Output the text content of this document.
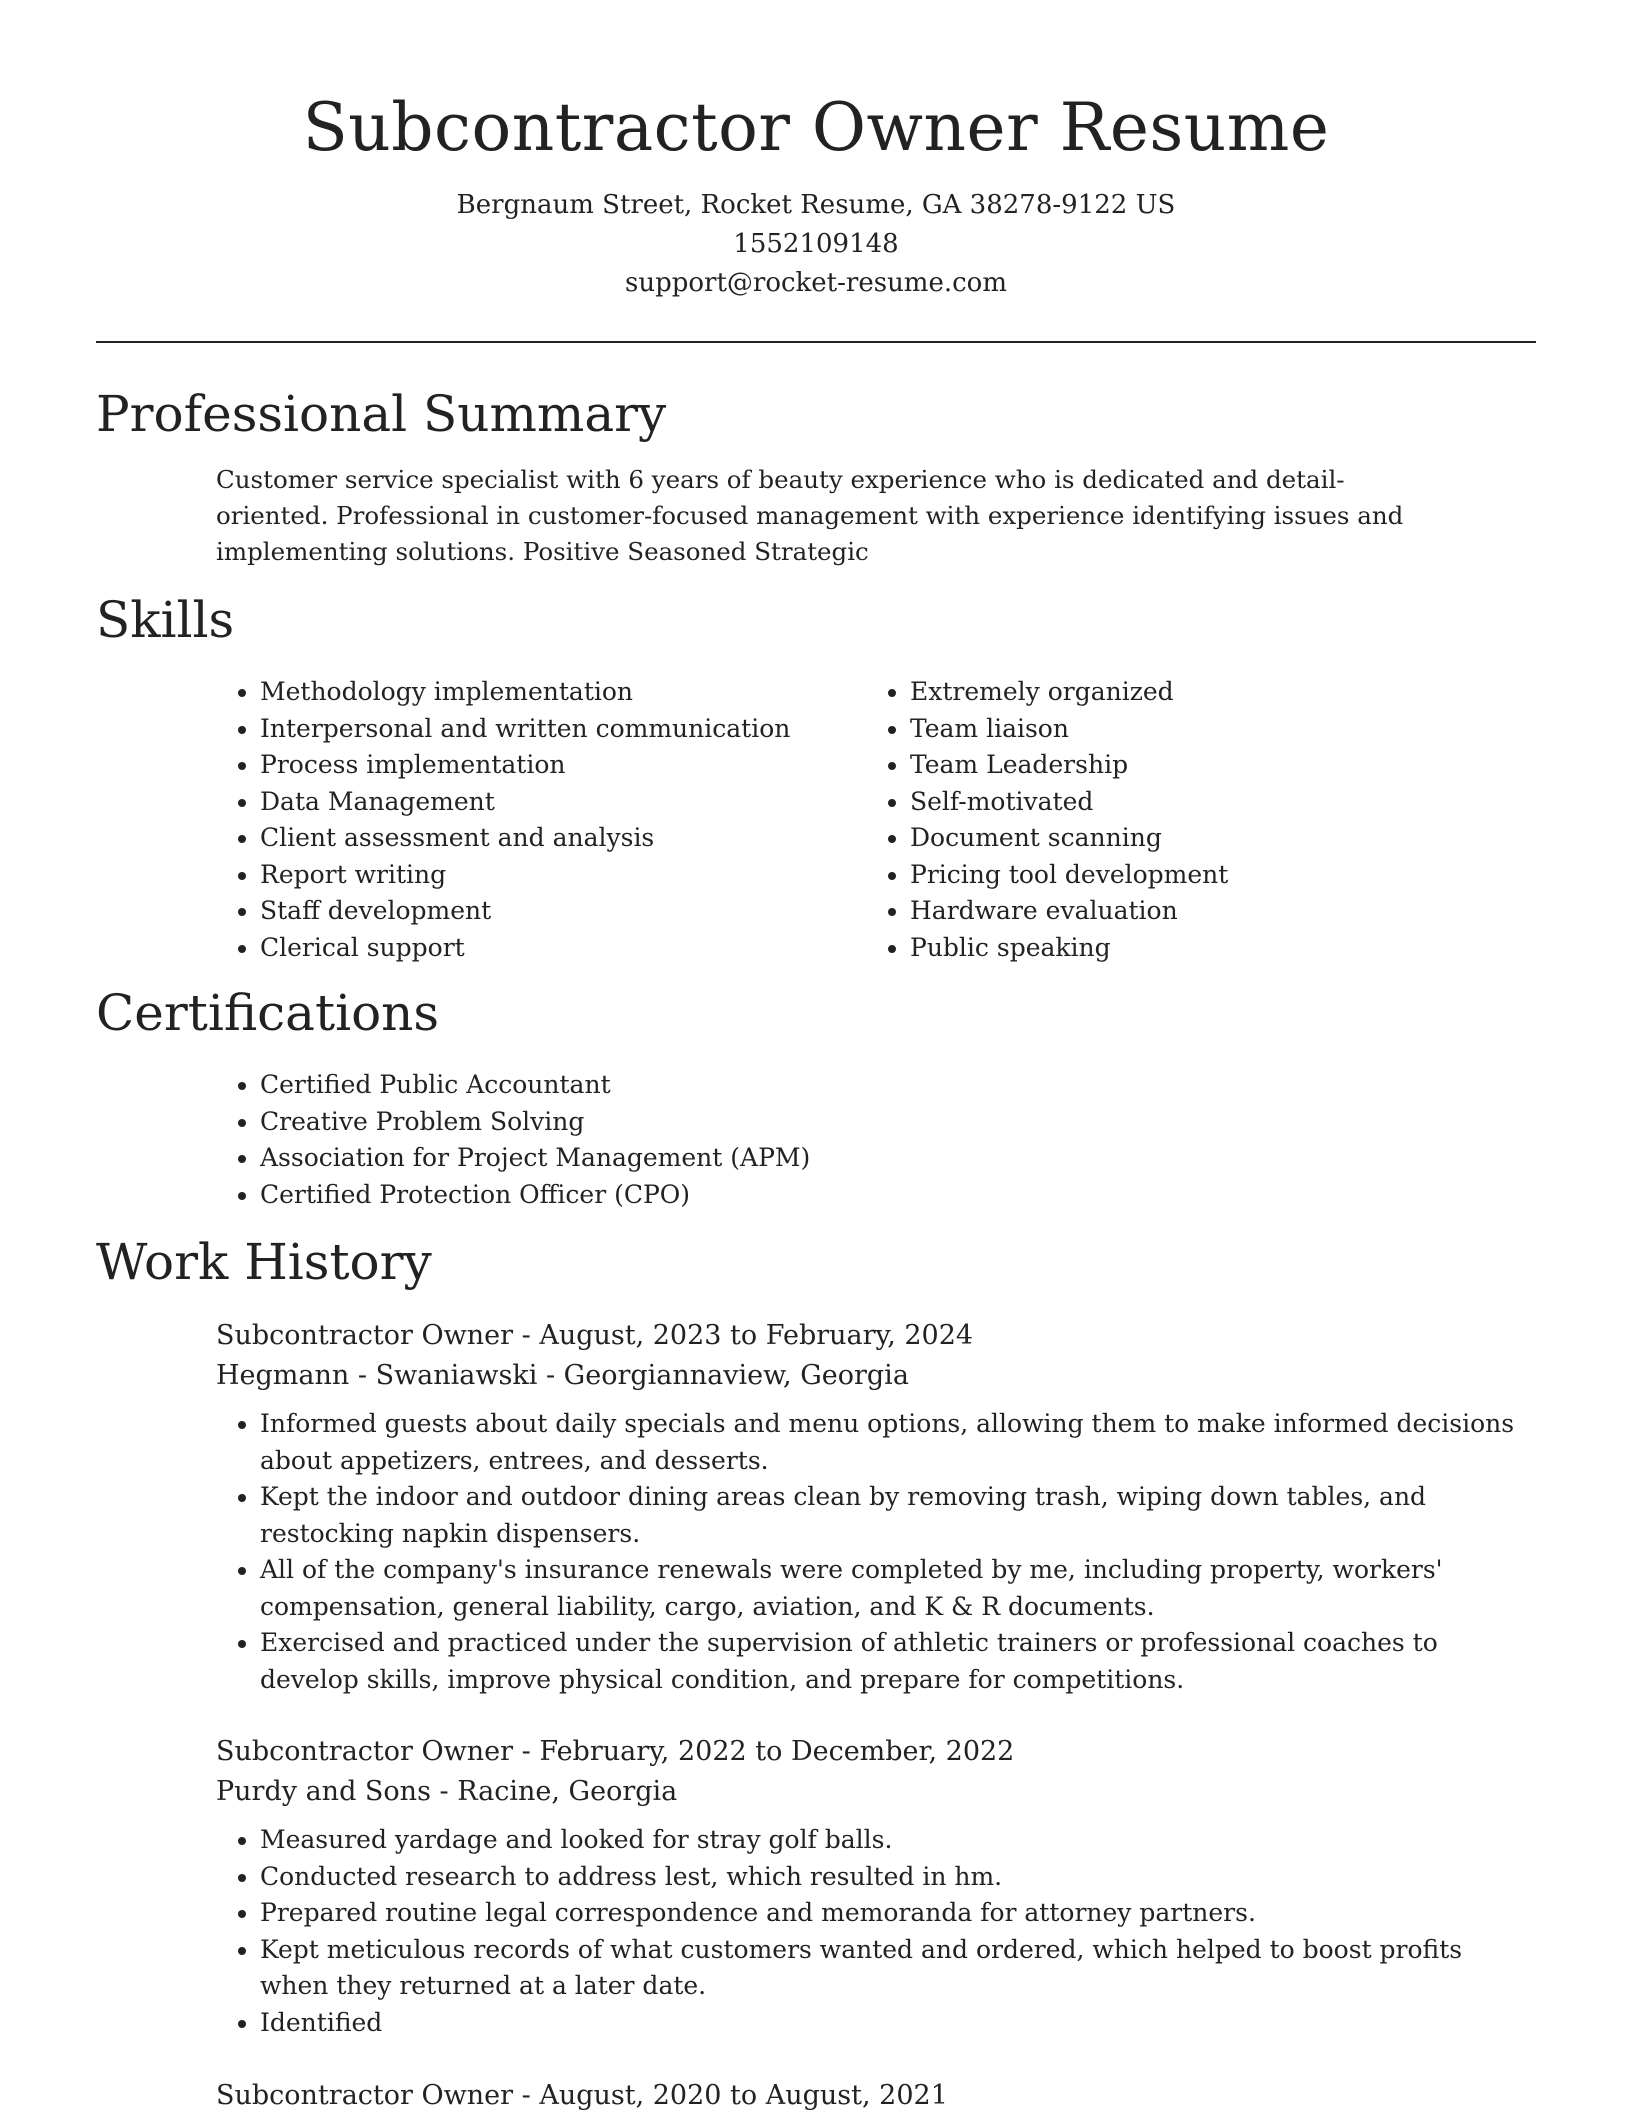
Subcontractor Owner Resume
Bergnaum Street, Rocket Resume, GA 38278-9122 US
1552109148
support@rocket-resume.com
Professional Summary
Customer service specialist with 6 years of beauty experience who is dedicated and detail-oriented. Professional in customer-focused management with experience identifying issues and implementing solutions. Positive Seasoned Strategic
Skills
• Methodology implementation
• Interpersonal and written communication
• Process implementation
• Data Management
• Client assessment and analysis
• Report writing
• Staff development
• Clerical support
• Extremely organized
• Team liaison
• Team Leadership
• Self-motivated
• Document scanning
• Pricing tool development
• Hardware evaluation
• Public speaking
Certifications
• Certified Public Accountant
• Creative Problem Solving
• Association for Project Management (APM)
• Certified Protection Officer (CPO)
Work History
Subcontractor Owner - August, 2023 to February, 2024
Hegmann - Swaniawski - Georgiannaview, Georgia
• Informed guests about daily specials and menu options, allowing them to make informed decisions about appetizers, entrees, and desserts.
• Kept the indoor and outdoor dining areas clean by removing trash, wiping down tables, and restocking napkin dispensers.
• All of the company's insurance renewals were completed by me, including property, workers' compensation, general liability, cargo, aviation, and K & R documents.
• Exercised and practiced under the supervision of athletic trainers or professional coaches to develop skills, improve physical condition, and prepare for competitions.
Subcontractor Owner - February, 2022 to December, 2022
Purdy and Sons - Racine, Georgia
• Measured yardage and looked for stray golf balls.
• Conducted research to address lest, which resulted in hm.
• Prepared routine legal correspondence and memoranda for attorney partners.
• Kept meticulous records of what customers wanted and ordered, which helped to boost profits when they returned at a later date.
• Identified
Subcontractor Owner - August, 2020 to August, 2021
